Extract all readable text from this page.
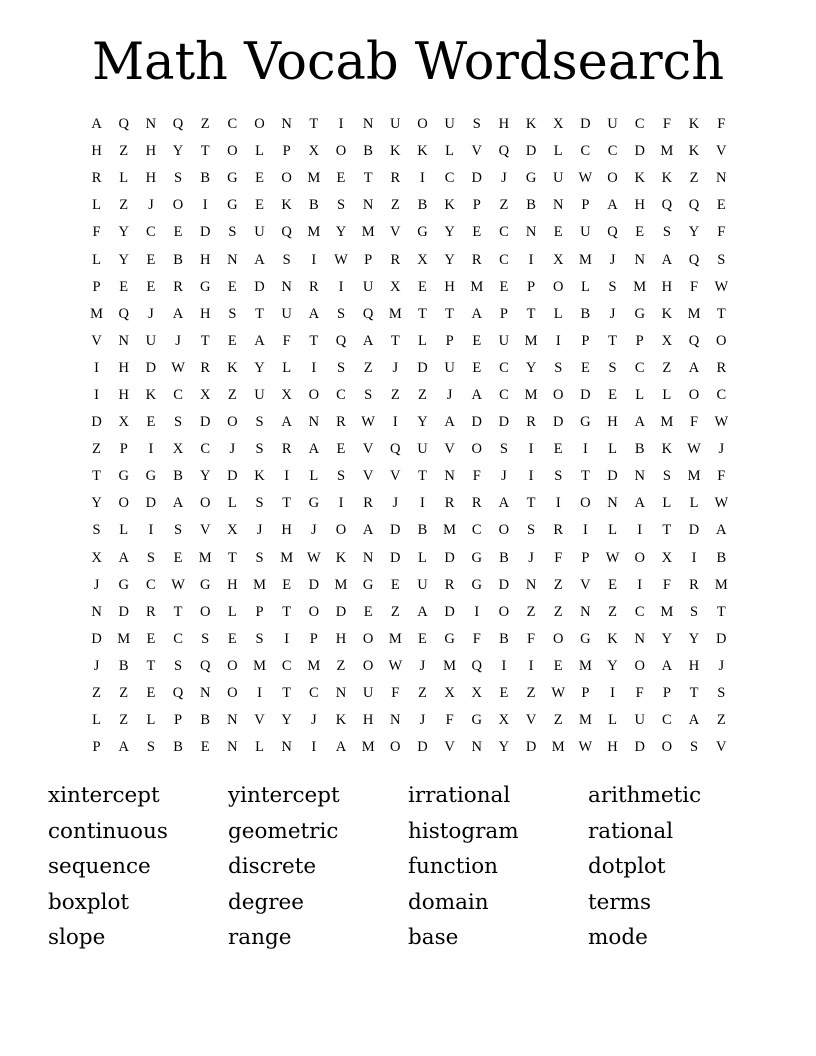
Math Vocab Wordsearch
A	Q	N	Q	Z	C	O	N	T	I	N	U	O	U	S	H	K	X	D	U	C	F	K	F
H	Z	H	Y	T	O	L	P	X	O	B	K	K	L	V	Q	D	L	C	C	D	M	K	V
R	L	H	S	B	G	E	O	M	E	T	R	I	C	D	J	G	U	W	O	K	K	Z	N
L	Z	J	O	I	G	E	K	B	S	N	Z	B	K	P	Z	B	N	P	A	H	Q	Q	E
F	Y	C	E	D	S	U	Q	M	Y	M	V	G	Y	E	C	N	E	U	Q	E	S	Y	F
L	Y	E	B	H	N	A	S	I	W	P	R	X	Y	R	C	I	X	M	J	N	A	Q	S
P	E	E	R	G	E	D	N	R	I	U	X	E	H	M	E	P	O	L	S	M	H	F	W
M	Q	J	A	H	S	T	U	A	S	Q	M	T	T	A	P	T	L	B	J	G	K	M	T
V	N	U	J	T	E	A	F	T	Q	A	T	L	P	E	U	M	I	P	T	P	X	Q	O
I	H	D	W	R	K	Y	L	I	S	Z	J	D	U	E	C	Y	S	E	S	C	Z	A	R
I	H	K	C	X	Z	U	X	O	C	S	Z	Z	J	A	C	M	O	D	E	L	L	O	C
D	X	E	S	D	O	S	A	N	R	W	I	Y	A	D	D	R	D	G	H	A	M	F	W
Z	P	I	X	C	J	S	R	A	E	V	Q	U	V	O	S	I	E	I	L	B	K	W	J
T	G	G	B	Y	D	K	I	L	S	V	V	T	N	F	J	I	S	T	D	N	S	M	F
Y	O	D	A	O	L	S	T	G	I	R	J	I	R	R	A	T	I	O	N	A	L	L	W
S	L	I	S	V	X	J	H	J	O	A	D	B	M	C	O	S	R	I	L	I	T	D	A
X	A	S	E	M	T	S	M	W	K	N	D	L	D	G	B	J	F	P	W	O	X	I	B
J	G	C	W	G	H	M	E	D	M	G	E	U	R	G	D	N	Z	V	E	I	F	R	M
N	D	R	T	O	L	P	T	O	D	E	Z	A	D	I	O	Z	Z	N	Z	C	M	S	T
D	M	E	C	S	E	S	I	P	H	O	M	E	G	F	B	F	O	G	K	N	Y	Y	D
J	B	T	S	Q	O	M	C	M	Z	O	W	J	M	Q	I	I	E	M	Y	O	A	H	J
Z	Z	E	Q	N	O	I	T	C	N	U	F	Z	X	X	E	Z	W	P	I	F	P	T	S
L	Z	L	P	B	N	V	Y	J	K	H	N	J	F	G	X	V	Z	M	L	U	C	A	Z
P	A	S	B	E	N	L	N	I	A	M	O	D	V	N	Y	D	M	W	H	D	O	S	V
xintercept	yintercept	irrational	arithmetic
continuous	geometric	histogram	rational
sequence	discrete	function	dotplot
boxplot	degree	domain	terms
slope	range	base	mode
